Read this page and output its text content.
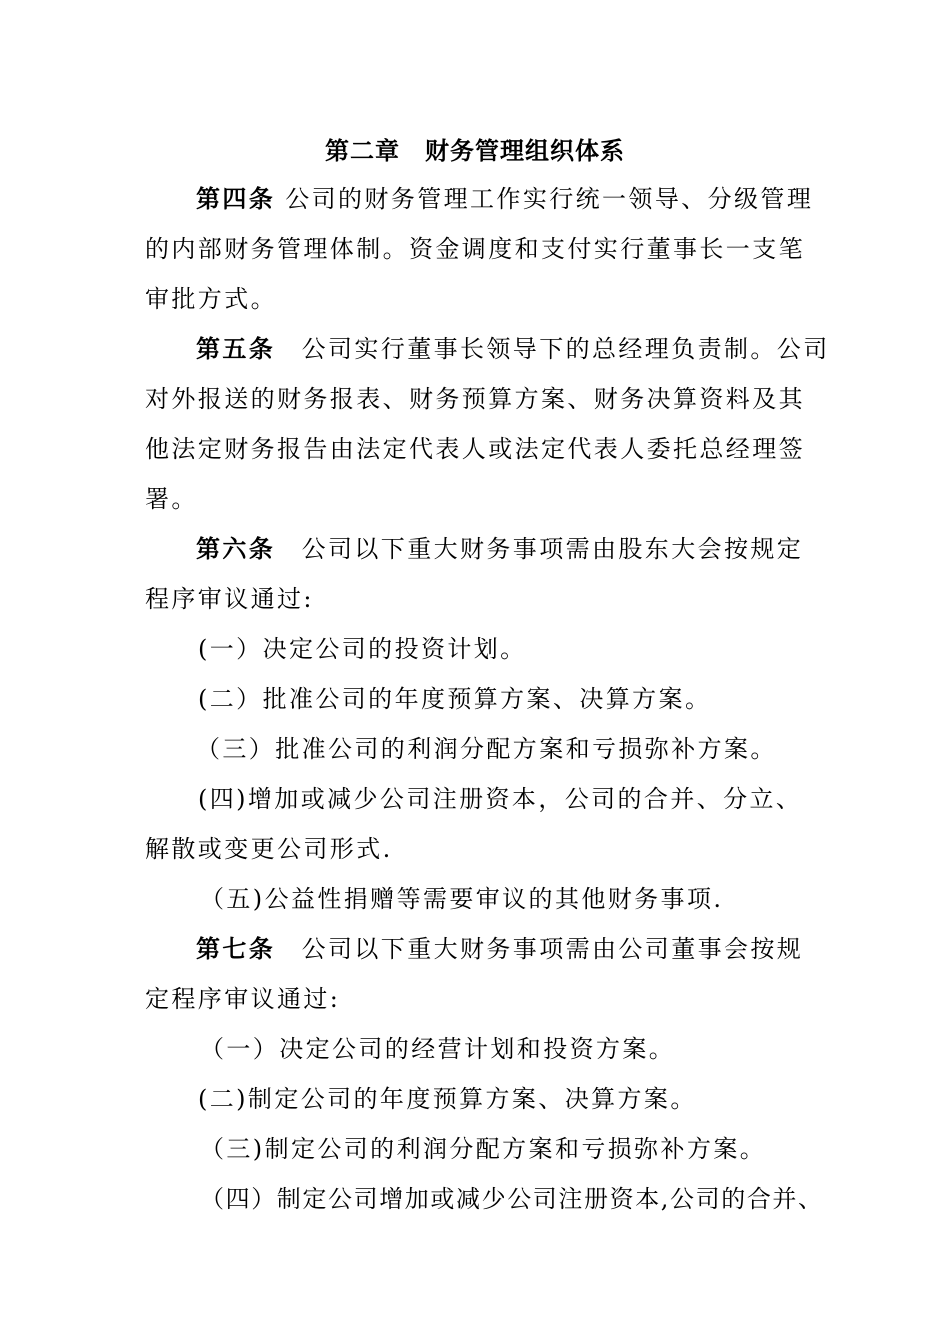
第二章　财务管理组织体系
第四条 公司的财务管理工作实行统一领导、分级管理
的内部财务管理体制。资金调度和支付实行董事长一支笔
审批方式。
第五条　公司实行董事长领导下的总经理负责制。公司
对外报送的财务报表、财务预算方案、财务决算资料及其
他法定财务报告由法定代表人或法定代表人委托总经理签
署。
第六条　公司以下重大财务事项需由股东大会按规定
程序审议通过:
(一）决定公司的投资计划。
(二）批准公司的年度预算方案、决算方案。
（三）批准公司的利润分配方案和亏损弥补方案。
(四)增加或减少公司注册资本，公司的合并、分立、
解散或变更公司形式.
（五)公益性捐赠等需要审议的其他财务事项.
第七条　公司以下重大财务事项需由公司董事会按规
定程序审议通过:
（一）决定公司的经营计划和投资方案。
(二)制定公司的年度预算方案、决算方案。
（三)制定公司的利润分配方案和亏损弥补方案。
（四）制定公司增加或减少公司注册资本,公司的合并、
